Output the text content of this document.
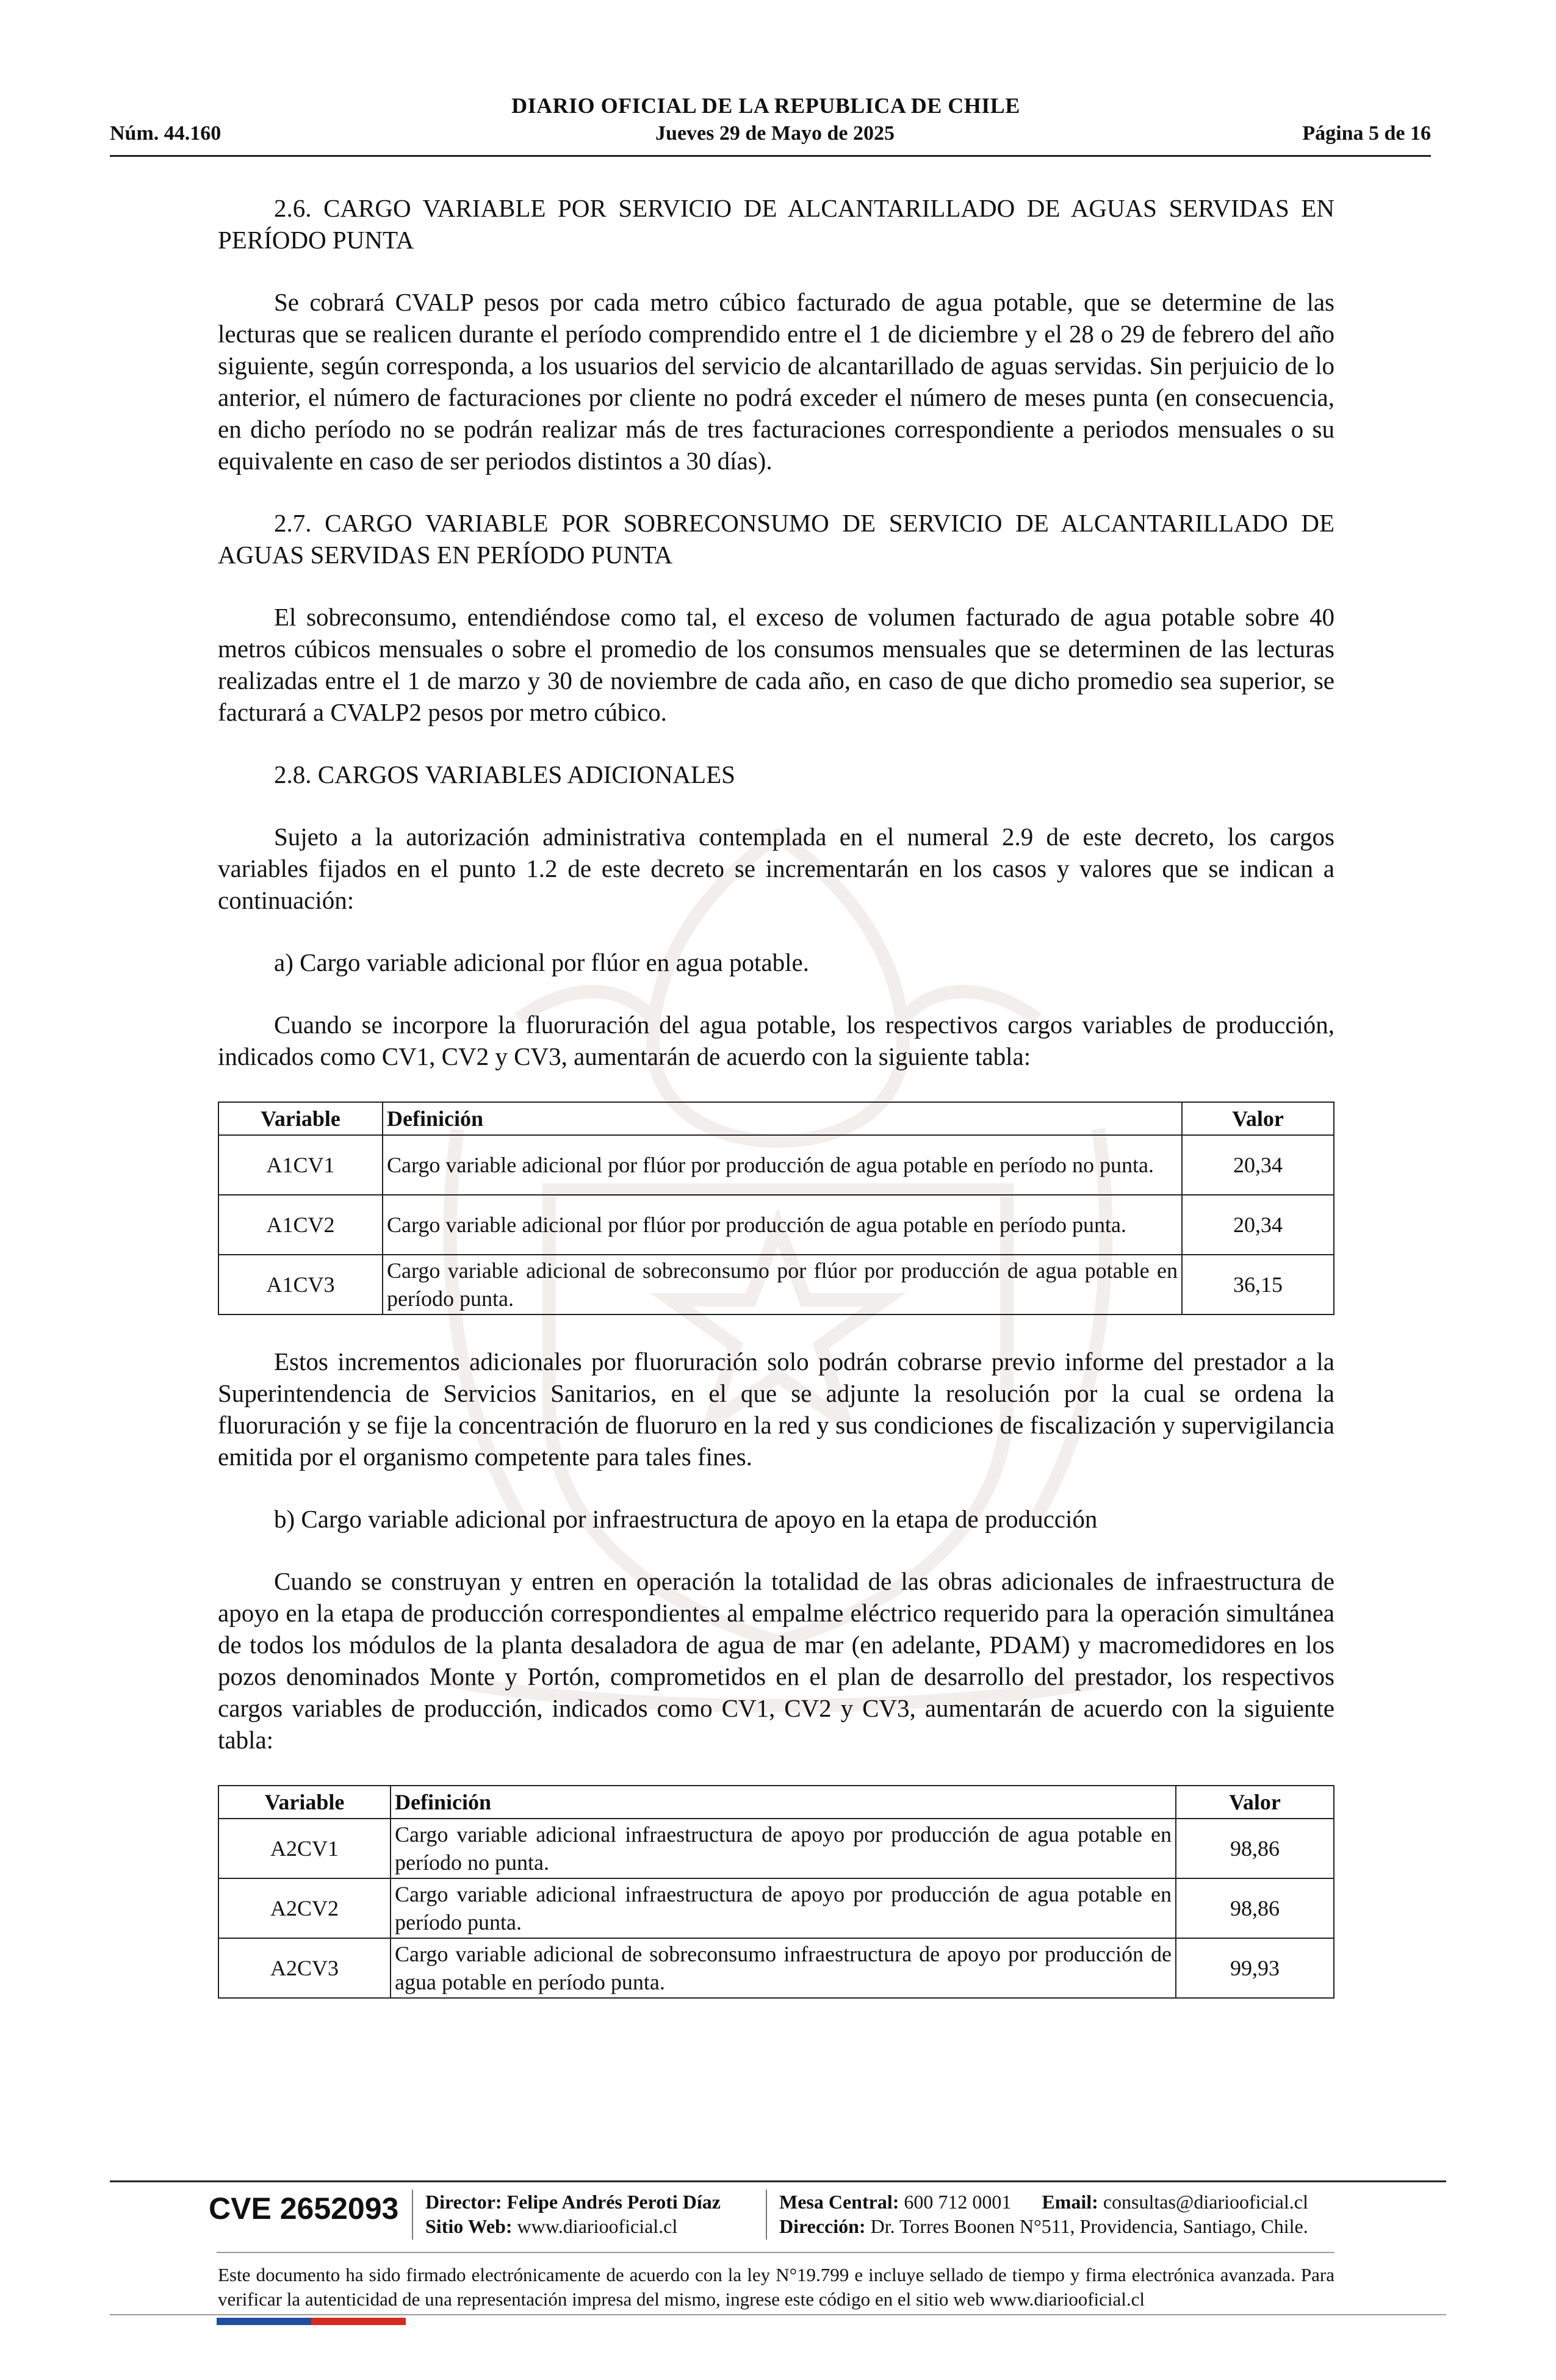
DIARIO OFICIAL DE LA REPUBLICA DE CHILE
Jueves 29 de Mayo de 2025
Núm. 44.160	Página 5 de 16

2.6. CARGO VARIABLE POR SERVICIO DE ALCANTARILLADO DE AGUAS SERVIDAS EN PERÍODO PUNTA

Se cobrará CVALP pesos por cada metro cúbico facturado de agua potable, que se determine de las lecturas que se realicen durante el período comprendido entre el 1 de diciembre y el 28 o 29 de febrero del año siguiente, según corresponda, a los usuarios del servicio de alcantarillado de aguas servidas. Sin perjuicio de lo anterior, el número de facturaciones por cliente no podrá exceder el número de meses punta (en consecuencia, en dicho período no se podrán realizar más de tres facturaciones correspondiente a periodos mensuales o su equivalente en caso de ser periodos distintos a 30 días).

2.7. CARGO VARIABLE POR SOBRECONSUMO DE SERVICIO DE ALCANTARILLADO DE AGUAS SERVIDAS EN PERÍODO PUNTA

El sobreconsumo, entendiéndose como tal, el exceso de volumen facturado de agua potable sobre 40 metros cúbicos mensuales o sobre el promedio de los consumos mensuales que se determinen de las lecturas realizadas entre el 1 de marzo y 30 de noviembre de cada año, en caso de que dicho promedio sea superior, se facturará a CVALP2 pesos por metro cúbico.

2.8. CARGOS VARIABLES ADICIONALES

Sujeto a la autorización administrativa contemplada en el numeral 2.9 de este decreto, los cargos variables fijados en el punto 1.2 de este decreto se incrementarán en los casos y valores que se indican a continuación:

a) Cargo variable adicional por flúor en agua potable.

Cuando se incorpore la fluoruración del agua potable, los respectivos cargos variables de producción, indicados como CV1, CV2 y CV3, aumentarán de acuerdo con la siguiente tabla:

Variable	Definición	Valor
A1CV1	Cargo variable adicional por flúor por producción de agua potable en período no punta.	20,34
A1CV2	Cargo variable adicional por flúor por producción de agua potable en período punta.	20,34
A1CV3	Cargo variable adicional de sobreconsumo por flúor por producción de agua potable en período punta.	36,15

Estos incrementos adicionales por fluoruración solo podrán cobrarse previo informe del prestador a la Superintendencia de Servicios Sanitarios, en el que se adjunte la resolución por la cual se ordena la fluoruración y se fije la concentración de fluoruro en la red y sus condiciones de fiscalización y supervigilancia emitida por el organismo competente para tales fines.

b) Cargo variable adicional por infraestructura de apoyo en la etapa de producción

Cuando se construyan y entren en operación la totalidad de las obras adicionales de infraestructura de apoyo en la etapa de producción correspondientes al empalme eléctrico requerido para la operación simultánea de todos los módulos de la planta desaladora de agua de mar (en adelante, PDAM) y macromedidores en los pozos denominados Monte y Portón, comprometidos en el plan de desarrollo del prestador, los respectivos cargos variables de producción, indicados como CV1, CV2 y CV3, aumentarán de acuerdo con la siguiente tabla:

Variable	Definición	Valor
A2CV1	Cargo variable adicional infraestructura de apoyo por producción de agua potable en período no punta.	98,86
A2CV2	Cargo variable adicional infraestructura de apoyo por producción de agua potable en período punta.	98,86
A2CV3	Cargo variable adicional de sobreconsumo infraestructura de apoyo por producción de agua potable en período punta.	99,93
CVE 2652093 Director: Felipe Andrés Peroti Díaz
Sitio Web: www.diariooficial.cl
Mesa Central: 600 712 0001 Email: consultas@diariooficial.cl
Dirección: Dr. Torres Boonen N°511, Providencia, Santiago, Chile.
Este documento ha sido firmado electrónicamente de acuerdo con la ley N°19.799 e incluye sellado de tiempo y firma electrónica avanzada. Para verificar la autenticidad de una representación impresa del mismo, ingrese este código en el sitio web www.diariooficial.cl
